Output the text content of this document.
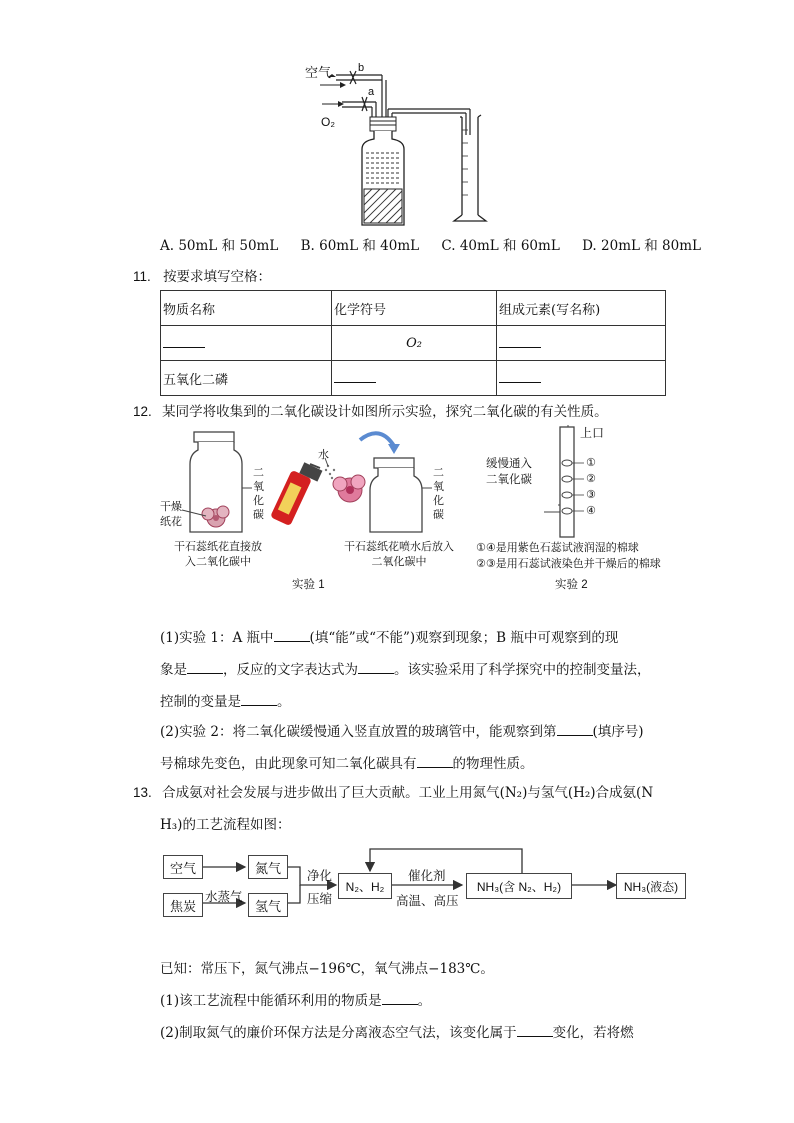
空气 b
a
O₂
A. 50mL 和 50mL B. 60mL 和 40mL C. 40mL 和 60mL D. 20mL 和 80mL
11. 按要求填写空格：
物质名称	化学符号	组成元素(写名称)
	O₂	
五氧化二磷		
12. 某同学将收集到的二氧化碳设计如图所示实验，探究二氧化碳的有关性质。
干燥纸花
二氧化碳
水
二氧化碳
干石蕊纸花直接放入二氧化碳中
干石蕊纸花喷水后放入二氧化碳中
实验 1
上口
缓慢通入二氧化碳
①
②
③
④
①④是用紫色石蕊试液润湿的棉球
②③是用石蕊试液染色并干燥后的棉球
实验 2
(1)实验 1：A 瓶中	(填“能”或“不能”)观察到现象；B 瓶中可观察到的现
象是	，反应的文字表达式为	。该实验采用了科学探究中的控制变量法，
控制的变量是	。
(2)实验 2：将二氧化碳缓慢通入竖直放置的玻璃管中，能观察到第	(填序号)
号棉球先变色，由此现象可知二氧化碳具有	的物理性质。
13. 合成氨对社会发展与进步做出了巨大贡献。工业上用氮气(N₂)与氢气(H₂)合成氨(N
H₃)的工艺流程如图：
空气	氮气
焦炭	氢气
水蒸气
净化
压缩
N₂、H₂
催化剂
高温、高压
NH₃(含 N₂、H₂)	NH₃(液态)
已知：常压下，氮气沸点−196℃，氧气沸点−183℃。
(1)该工艺流程中能循环利用的物质是	。
(2)制取氮气的廉价环保方法是分离液态空气法，该变化属于	变化，若将燃
